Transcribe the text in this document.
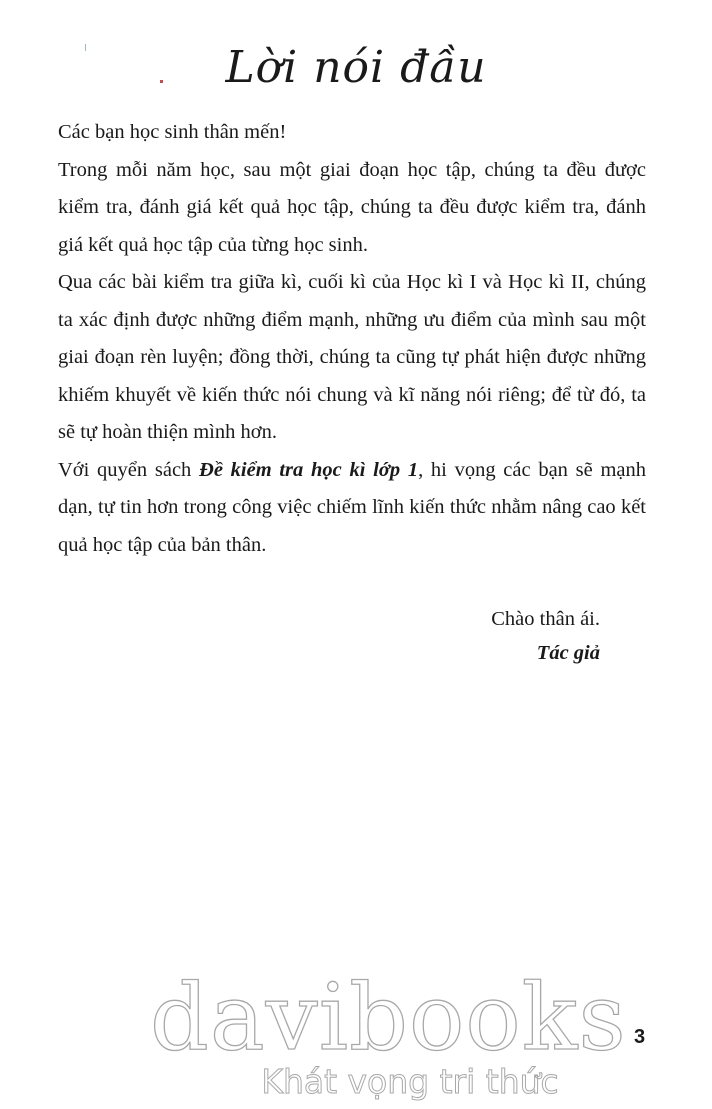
Lời nói đầu

Các bạn học sinh thân mến!

Trong mỗi năm học, sau một giai đoạn học tập, chúng ta đều được kiểm tra, đánh giá kết quả học tập, chúng ta đều được kiểm tra, đánh giá kết quả học tập của từng học sinh.

Qua các bài kiểm tra giữa kì, cuối kì của Học kì I và Học kì II, chúng ta xác định được những điểm mạnh, những ưu điểm của mình sau một giai đoạn rèn luyện; đồng thời, chúng ta cũng tự phát hiện được những khiếm khuyết về kiến thức nói chung và kĩ năng nói riêng; để từ đó, ta sẽ tự hoàn thiện mình hơn.

Với quyển sách Đề kiểm tra học kì lớp 1, hi vọng các bạn sẽ mạnh dạn, tự tin hơn trong công việc chiếm lĩnh kiến thức nhằm nâng cao kết quả học tập của bản thân.

Chào thân ái.
Tác giả
davibooks
Khát vọng tri thức
3
